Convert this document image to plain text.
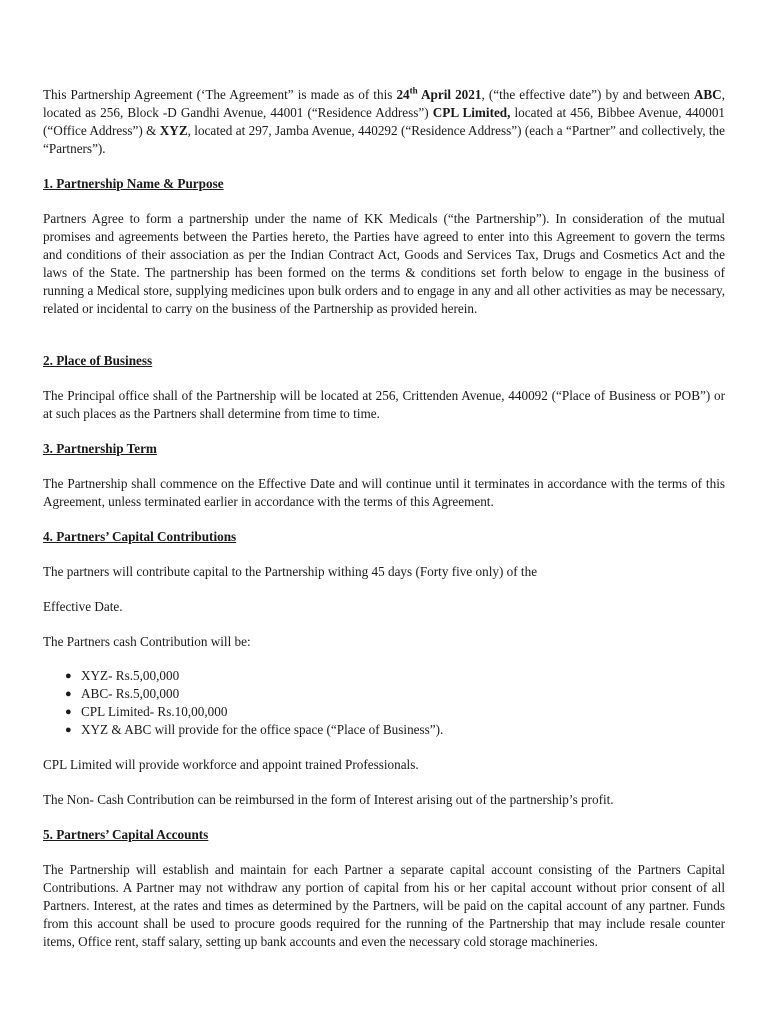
This Partnership Agreement (‘The Agreement” is made as of this 24th April 2021, (“the effective date”) by and between ABC, located as 256, Block -D Gandhi Avenue, 44001 (“Residence Address”) CPL Limited, located at 456, Bibbee Avenue, 440001 (“Office Address”) & XYZ, located at 297, Jamba Avenue, 440292 (“Residence Address”) (each a “Partner” and collectively, the “Partners”).

1. Partnership Name & Purpose

Partners Agree to form a partnership under the name of KK Medicals (“the Partnership”). In consideration of the mutual promises and agreements between the Parties hereto, the Parties have agreed to enter into this Agreement to govern the terms and conditions of their association as per the Indian Contract Act, Goods and Services Tax, Drugs and Cosmetics Act and the laws of the State. The partnership has been formed on the terms & conditions set forth below to engage in the business of running a Medical store, supplying medicines upon bulk orders and to engage in any and all other activities as may be necessary, related or incidental to carry on the business of the Partnership as provided herein.

2. Place of Business

The Principal office shall of the Partnership will be located at 256, Crittenden Avenue, 440092 (“Place of Business or POB”) or at such places as the Partners shall determine from time to time.

3. Partnership Term

The Partnership shall commence on the Effective Date and will continue until it terminates in accordance with the terms of this Agreement, unless terminated earlier in accordance with the terms of this Agreement.

4. Partners’ Capital Contributions

The partners will contribute capital to the Partnership withing 45 days (Forty five only) of the

Effective Date.

The Partners cash Contribution will be:

● XYZ- Rs.5,00,000
● ABC- Rs.5,00,000
● CPL Limited- Rs.10,00,000
● XYZ & ABC will provide for the office space (“Place of Business”).

CPL Limited will provide workforce and appoint trained Professionals.

The Non- Cash Contribution can be reimbursed in the form of Interest arising out of the partnership’s profit.

5. Partners’ Capital Accounts

The Partnership will establish and maintain for each Partner a separate capital account consisting of the Partners Capital Contributions. A Partner may not withdraw any portion of capital from his or her capital account without prior consent of all Partners. Interest, at the rates and times as determined by the Partners, will be paid on the capital account of any partner. Funds from this account shall be used to procure goods required for the running of the Partnership that may include resale counter items, Office rent, staff salary, setting up bank accounts and even the necessary cold storage machineries.
